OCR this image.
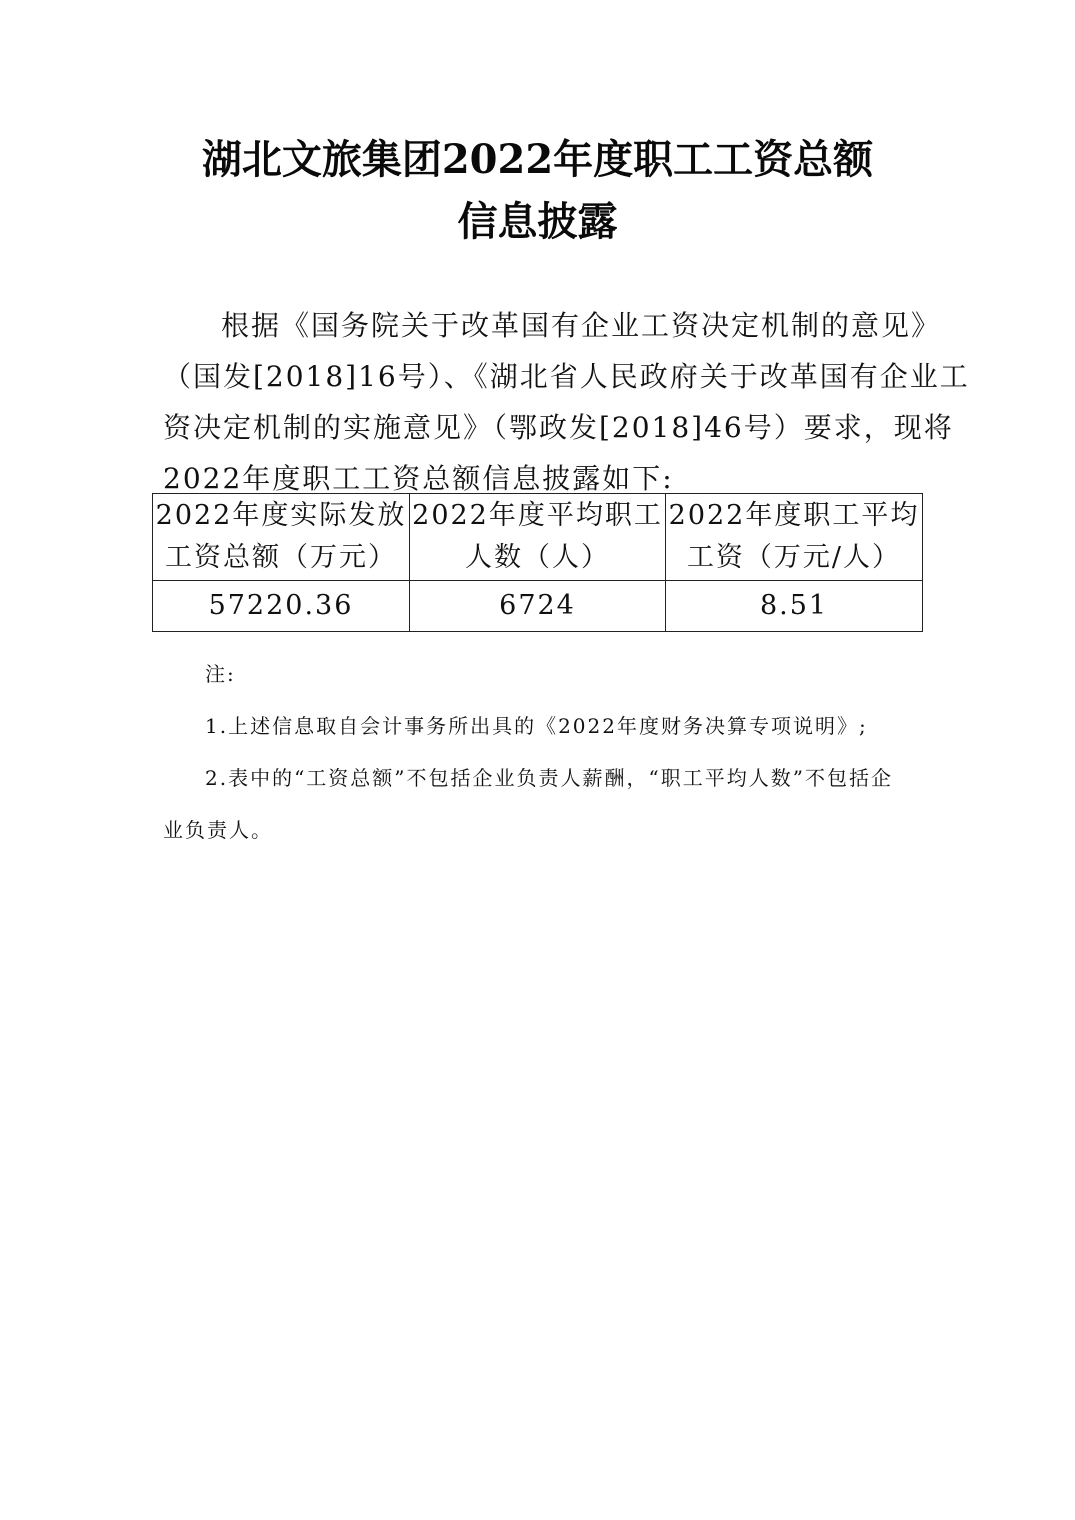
湖北文旅集团2022年度职工工资总额
信息披露
根据《国务院关于改革国有企业工资决定机制的意见》
（国发[2018]16号）、《湖北省人民政府关于改革国有企业工
资决定机制的实施意见》（鄂政发[2018]46号）要求，现将
2022年度职工工资总额信息披露如下:
2022年度实际发放工资总额（万元）	2022年度平均职工人数（人）	2022年度职工平均工资（万元/人）
57220.36	6724	8.51
注:
1.上述信息取自会计事务所出具的《2022年度财务决算专项说明》;
2.表中的“工资总额”不包括企业负责人薪酬，“职工平均人数”不包括企
业负责人。
